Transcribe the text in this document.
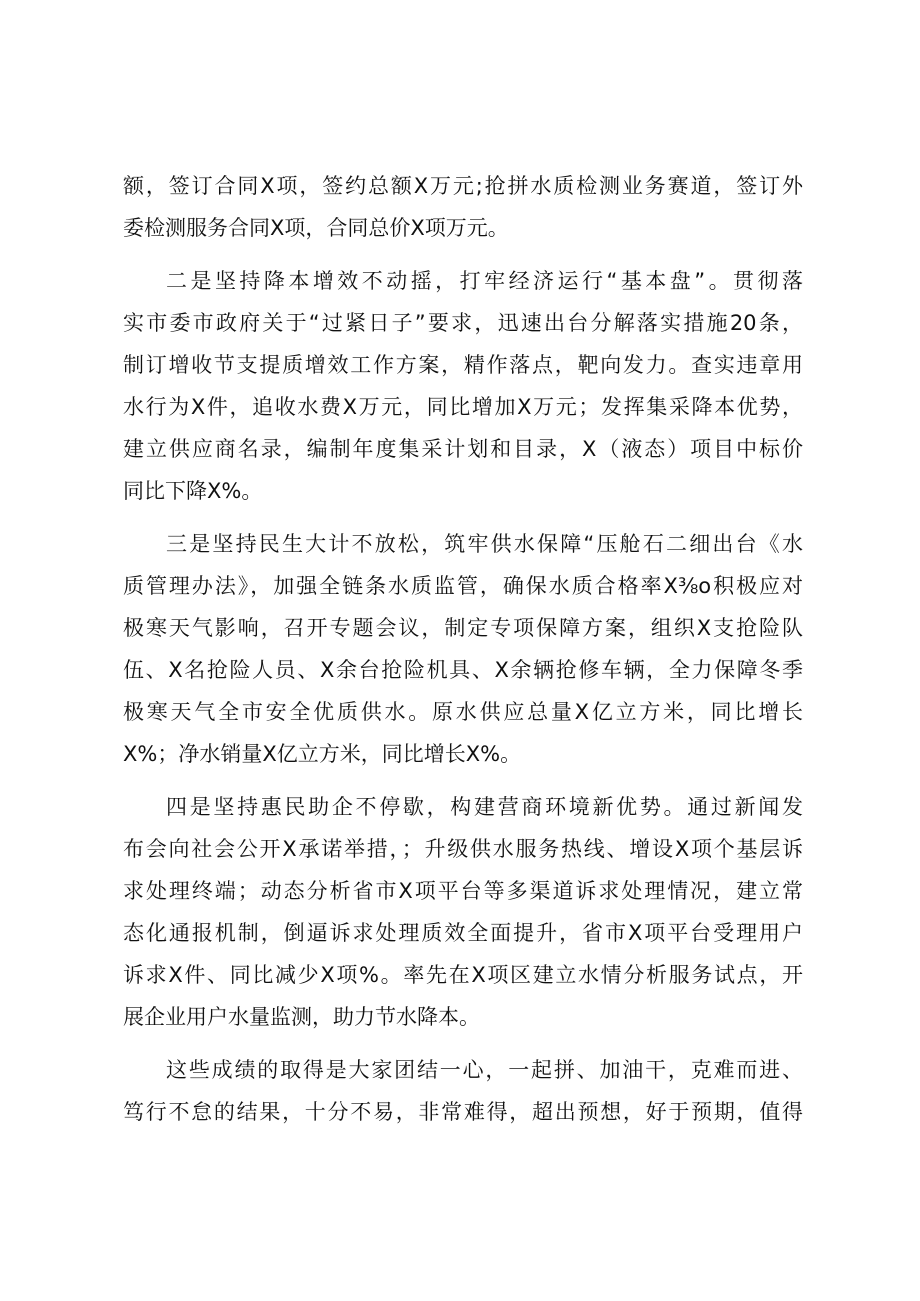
额，签订合同X项，签约总额X万元;抢拼水质检测业务赛道，签订外
委检测服务合同X项，合同总价X项万元。
二是坚持降本增效不动摇，打牢经济运行“基本盘”。贯彻落
实市委市政府关于“过紧日子”要求，迅速出台分解落实措施20条，
制订增收节支提质增效工作方案，精作落点，靶向发力。查实违章用
水行为X件，追收水费X万元，同比增加X万元；发挥集采降本优势，
建立供应商名录，编制年度集采计划和目录，X（液态）项目中标价
同比下降X%。
三是坚持民生大计不放松，筑牢供水保障“压舱石二细出台《水
质管理办法》，加强全链条水质监管，确保水质合格率X⅜o积极应对
极寒天气影响，召开专题会议，制定专项保障方案，组织X支抢险队
伍、X名抢险人员、X余台抢险机具、X余辆抢修车辆，全力保障冬季
极寒天气全市安全优质供水。原水供应总量X亿立方米，同比增长
X%；净水销量X亿立方米，同比增长X%。
四是坚持惠民助企不停歇，构建营商环境新优势。通过新闻发
布会向社会公开X承诺举措，；升级供水服务热线、增设X项个基层诉
求处理终端；动态分析省市X项平台等多渠道诉求处理情况，建立常
态化通报机制，倒逼诉求处理质效全面提升，省市X项平台受理用户
诉求X件、同比减少X项%。率先在X项区建立水情分析服务试点，开
展企业用户水量监测，助力节水降本。
这些成绩的取得是大家团结一心，一起拼、加油干，克难而进、
笃行不怠的结果，十分不易，非常难得，超出预想，好于预期，值得
